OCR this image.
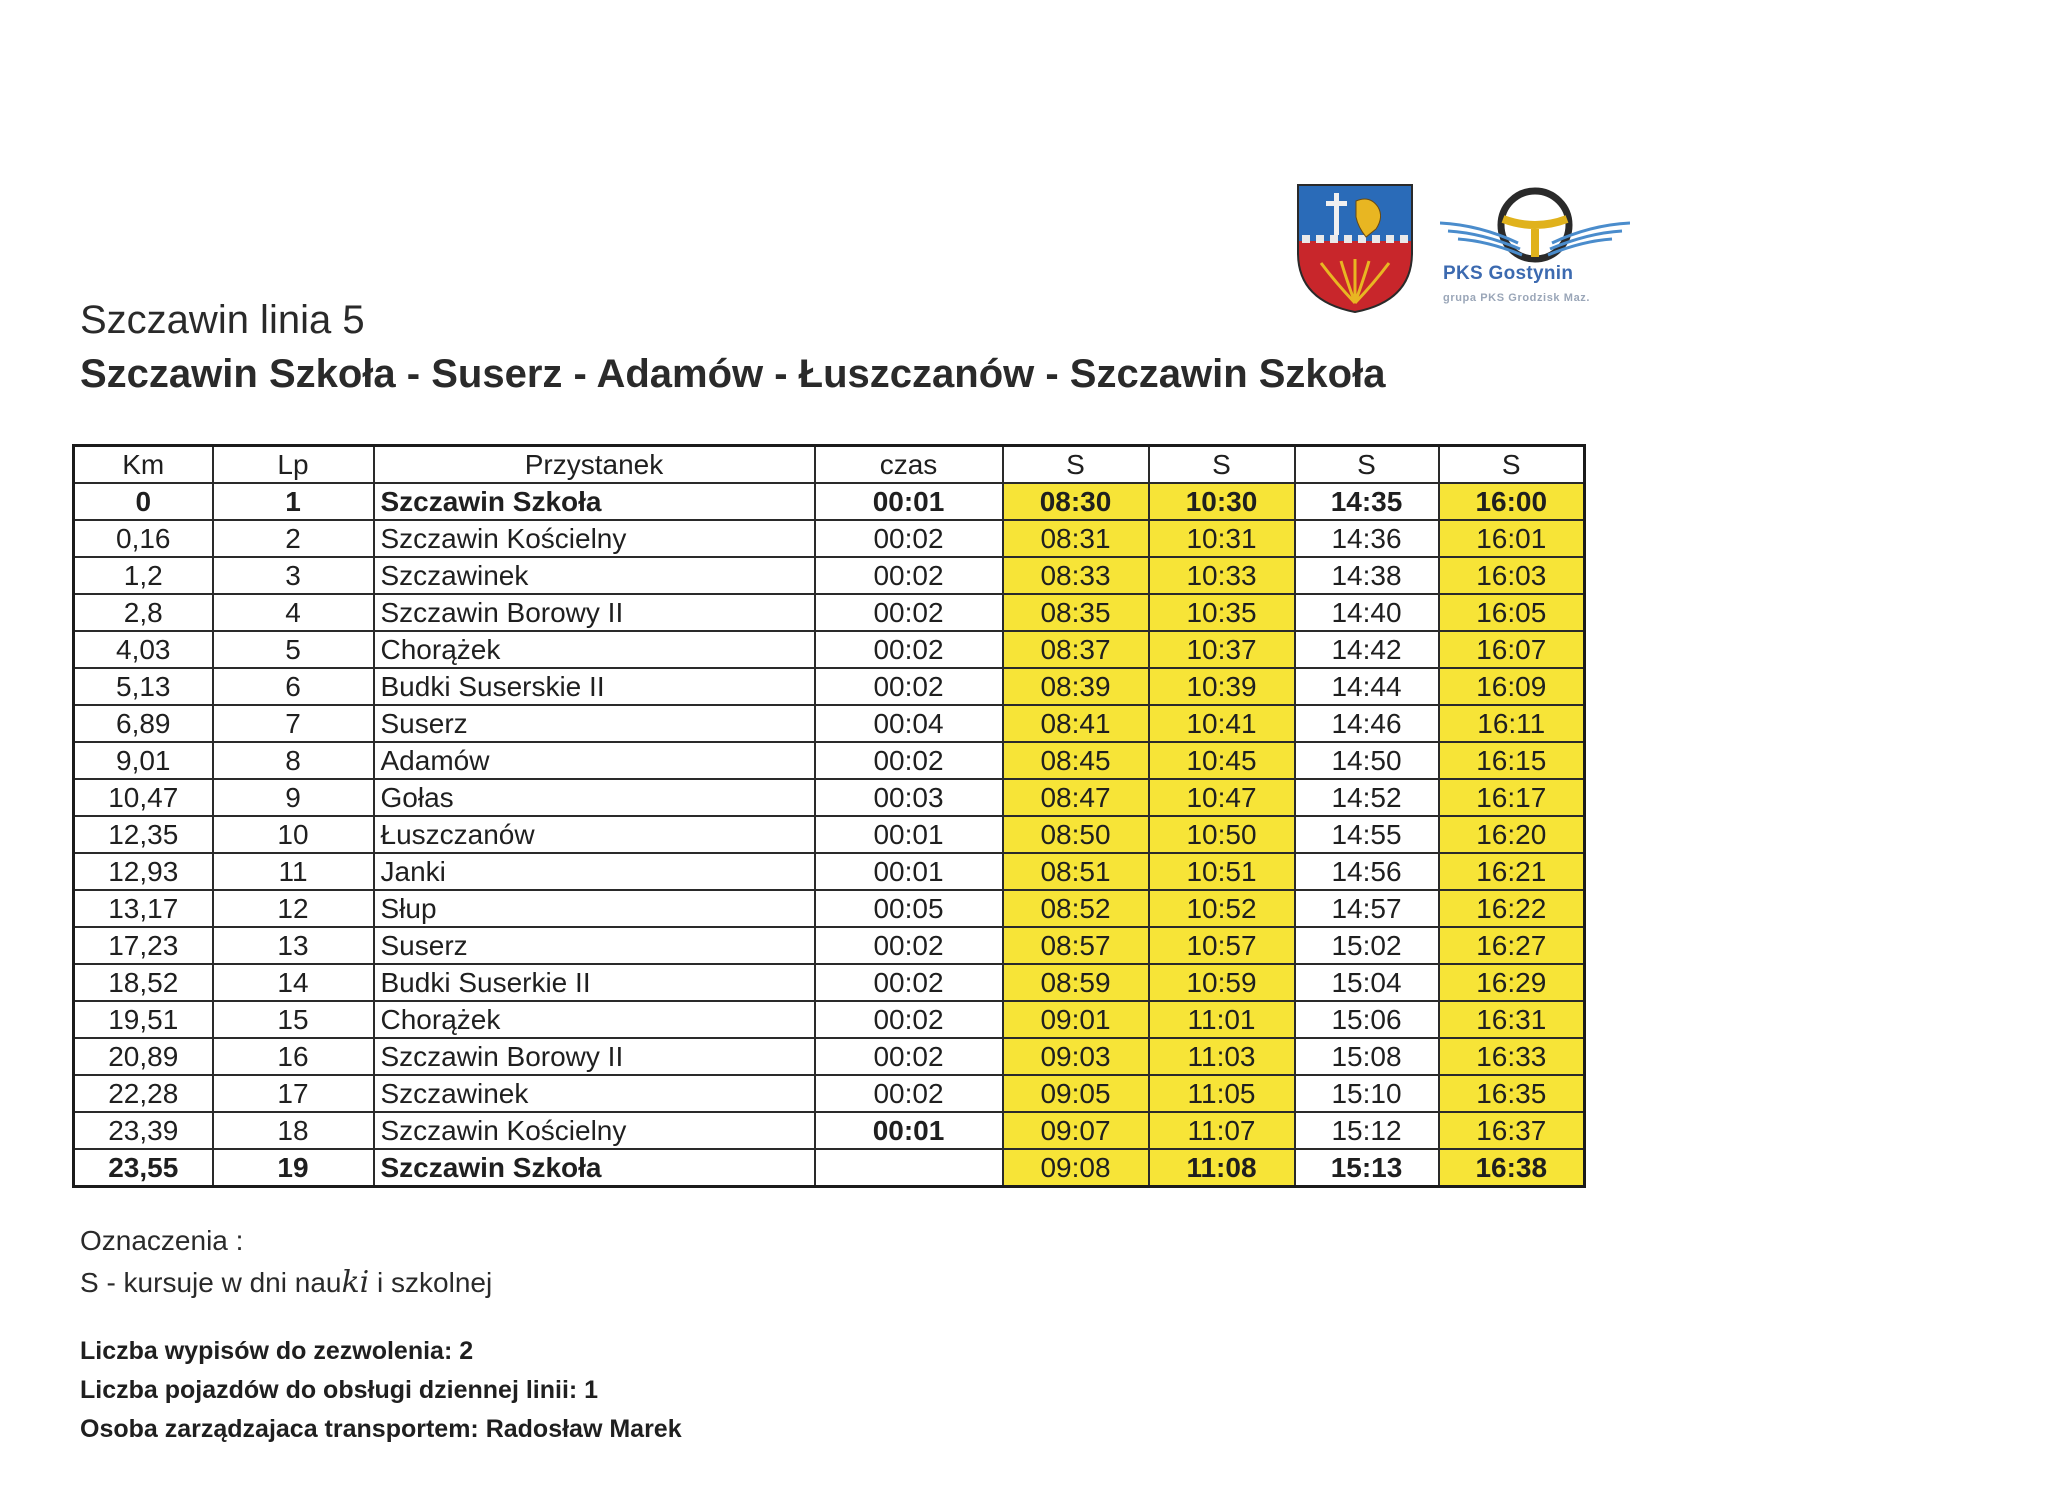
PKS Gostynin
grupa PKS Grodzisk Maz.
Szczawin linia 5
Szczawin Szkoła - Suserz - Adamów - Łuszczanów - Szczawin Szkoła
Km	Lp	Przystanek	czas	S	S	S	S
0	1	Szczawin Szkoła	00:01	08:30	10:30	14:35	16:00
0,16	2	Szczawin Kościelny	00:02	08:31	10:31	14:36	16:01
1,2	3	Szczawinek	00:02	08:33	10:33	14:38	16:03
2,8	4	Szczawin Borowy II	00:02	08:35	10:35	14:40	16:05
4,03	5	Chorążek	00:02	08:37	10:37	14:42	16:07
5,13	6	Budki Suserskie II	00:02	08:39	10:39	14:44	16:09
6,89	7	Suserz	00:04	08:41	10:41	14:46	16:11
9,01	8	Adamów	00:02	08:45	10:45	14:50	16:15
10,47	9	Gołas	00:03	08:47	10:47	14:52	16:17
12,35	10	Łuszczanów	00:01	08:50	10:50	14:55	16:20
12,93	11	Janki	00:01	08:51	10:51	14:56	16:21
13,17	12	Słup	00:05	08:52	10:52	14:57	16:22
17,23	13	Suserz	00:02	08:57	10:57	15:02	16:27
18,52	14	Budki Suserkie II	00:02	08:59	10:59	15:04	16:29
19,51	15	Chorążek	00:02	09:01	11:01	15:06	16:31
20,89	16	Szczawin Borowy II	00:02	09:03	11:03	15:08	16:33
22,28	17	Szczawinek	00:02	09:05	11:05	15:10	16:35
23,39	18	Szczawin Kościelny	00:01	09:07	11:07	15:12	16:37
23,55	19	Szczawin Szkoła		09:08	11:08	15:13	16:38
Oznaczenia :
S - kursuje w dni nauki i szkolnej
Liczba wypisów do zezwolenia: 2
Liczba pojazdów do obsługi dziennej linii: 1
Osoba zarządzajaca transportem: Radosław Marek
